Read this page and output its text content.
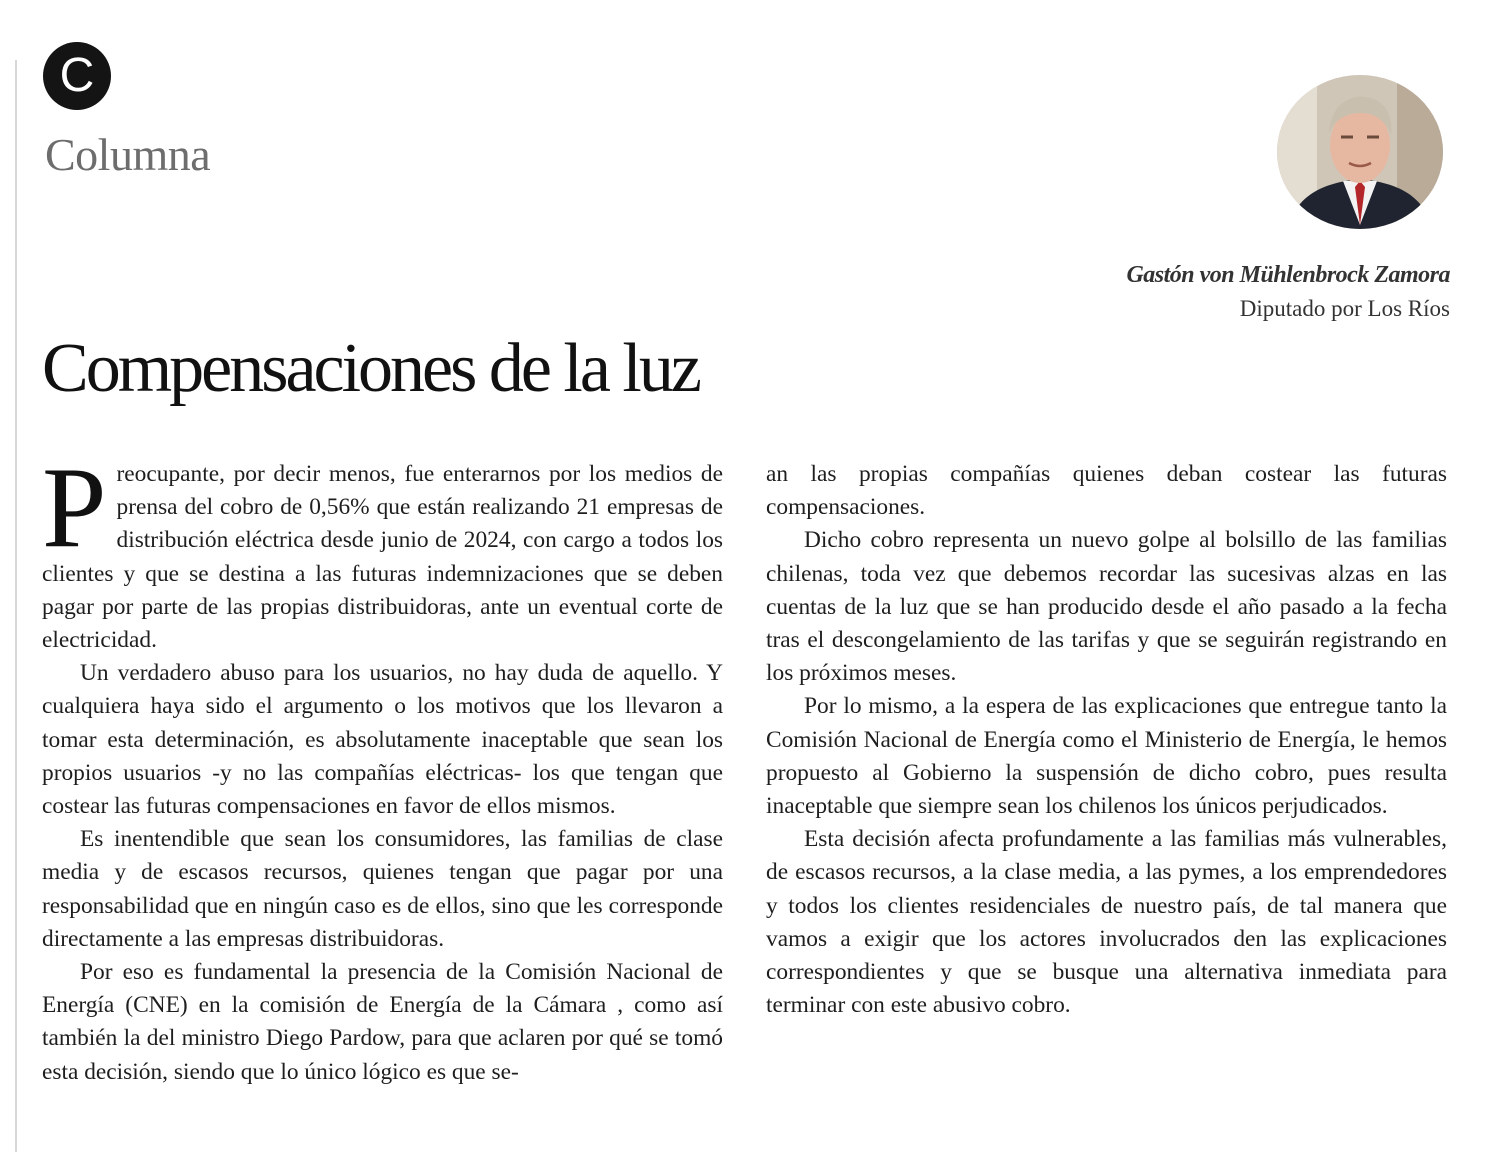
C
Columna
Gastón von Mühlenbrock Zamora
Diputado por Los Ríos
Compensaciones de la luz

Preocupante, por decir menos, fue enterarnos por los medios de prensa del cobro de 0,56% que están realizando 21 empresas de distribución eléctrica desde junio de 2024, con cargo a todos los clientes y que se destina a las futuras indemnizaciones que se deben pagar por parte de las propias distribuidoras, ante un eventual corte de electricidad.

Un verdadero abuso para los usuarios, no hay duda de aquello. Y cualquiera haya sido el argumento o los motivos que los llevaron a tomar esta determinación, es absolutamente inaceptable que sean los propios usuarios -y no las compañías eléctricas- los que tengan que costear las futuras compensaciones en favor de ellos mismos.

Es inentendible que sean los consumidores, las familias de clase media y de escasos recursos, quienes tengan que pagar por una responsabilidad que en ningún caso es de ellos, sino que les corresponde directamente a las empresas distribuidoras.

Por eso es fundamental la presencia de la Comisión Nacional de Energía (CNE) en la comisión de Energía de la Cámara , como así también la del ministro Diego Pardow, para que aclaren por qué se tomó esta decisión, siendo que lo único lógico es que se-

an las propias compañías quienes deban costear las futuras compensaciones.

Dicho cobro representa un nuevo golpe al bolsillo de las familias chilenas, toda vez que debemos recordar las sucesivas alzas en las cuentas de la luz que se han producido desde el año pasado a la fecha tras el descongelamiento de las tarifas y que se seguirán registrando en los próximos meses.

Por lo mismo, a la espera de las explicaciones que entregue tanto la Comisión Nacional de Energía como el Ministerio de Energía, le hemos propuesto al Gobierno la suspensión de dicho cobro, pues resulta inaceptable que siempre sean los chilenos los únicos perjudicados.

Esta decisión afecta profundamente a las familias más vulnerables, de escasos recursos, a la clase media, a las pymes, a los emprendedores y todos los clientes residenciales de nuestro país, de tal manera que vamos a exigir que los actores involucrados den las explicaciones correspondientes y que se busque una alternativa inmediata para terminar con este abusivo cobro.
